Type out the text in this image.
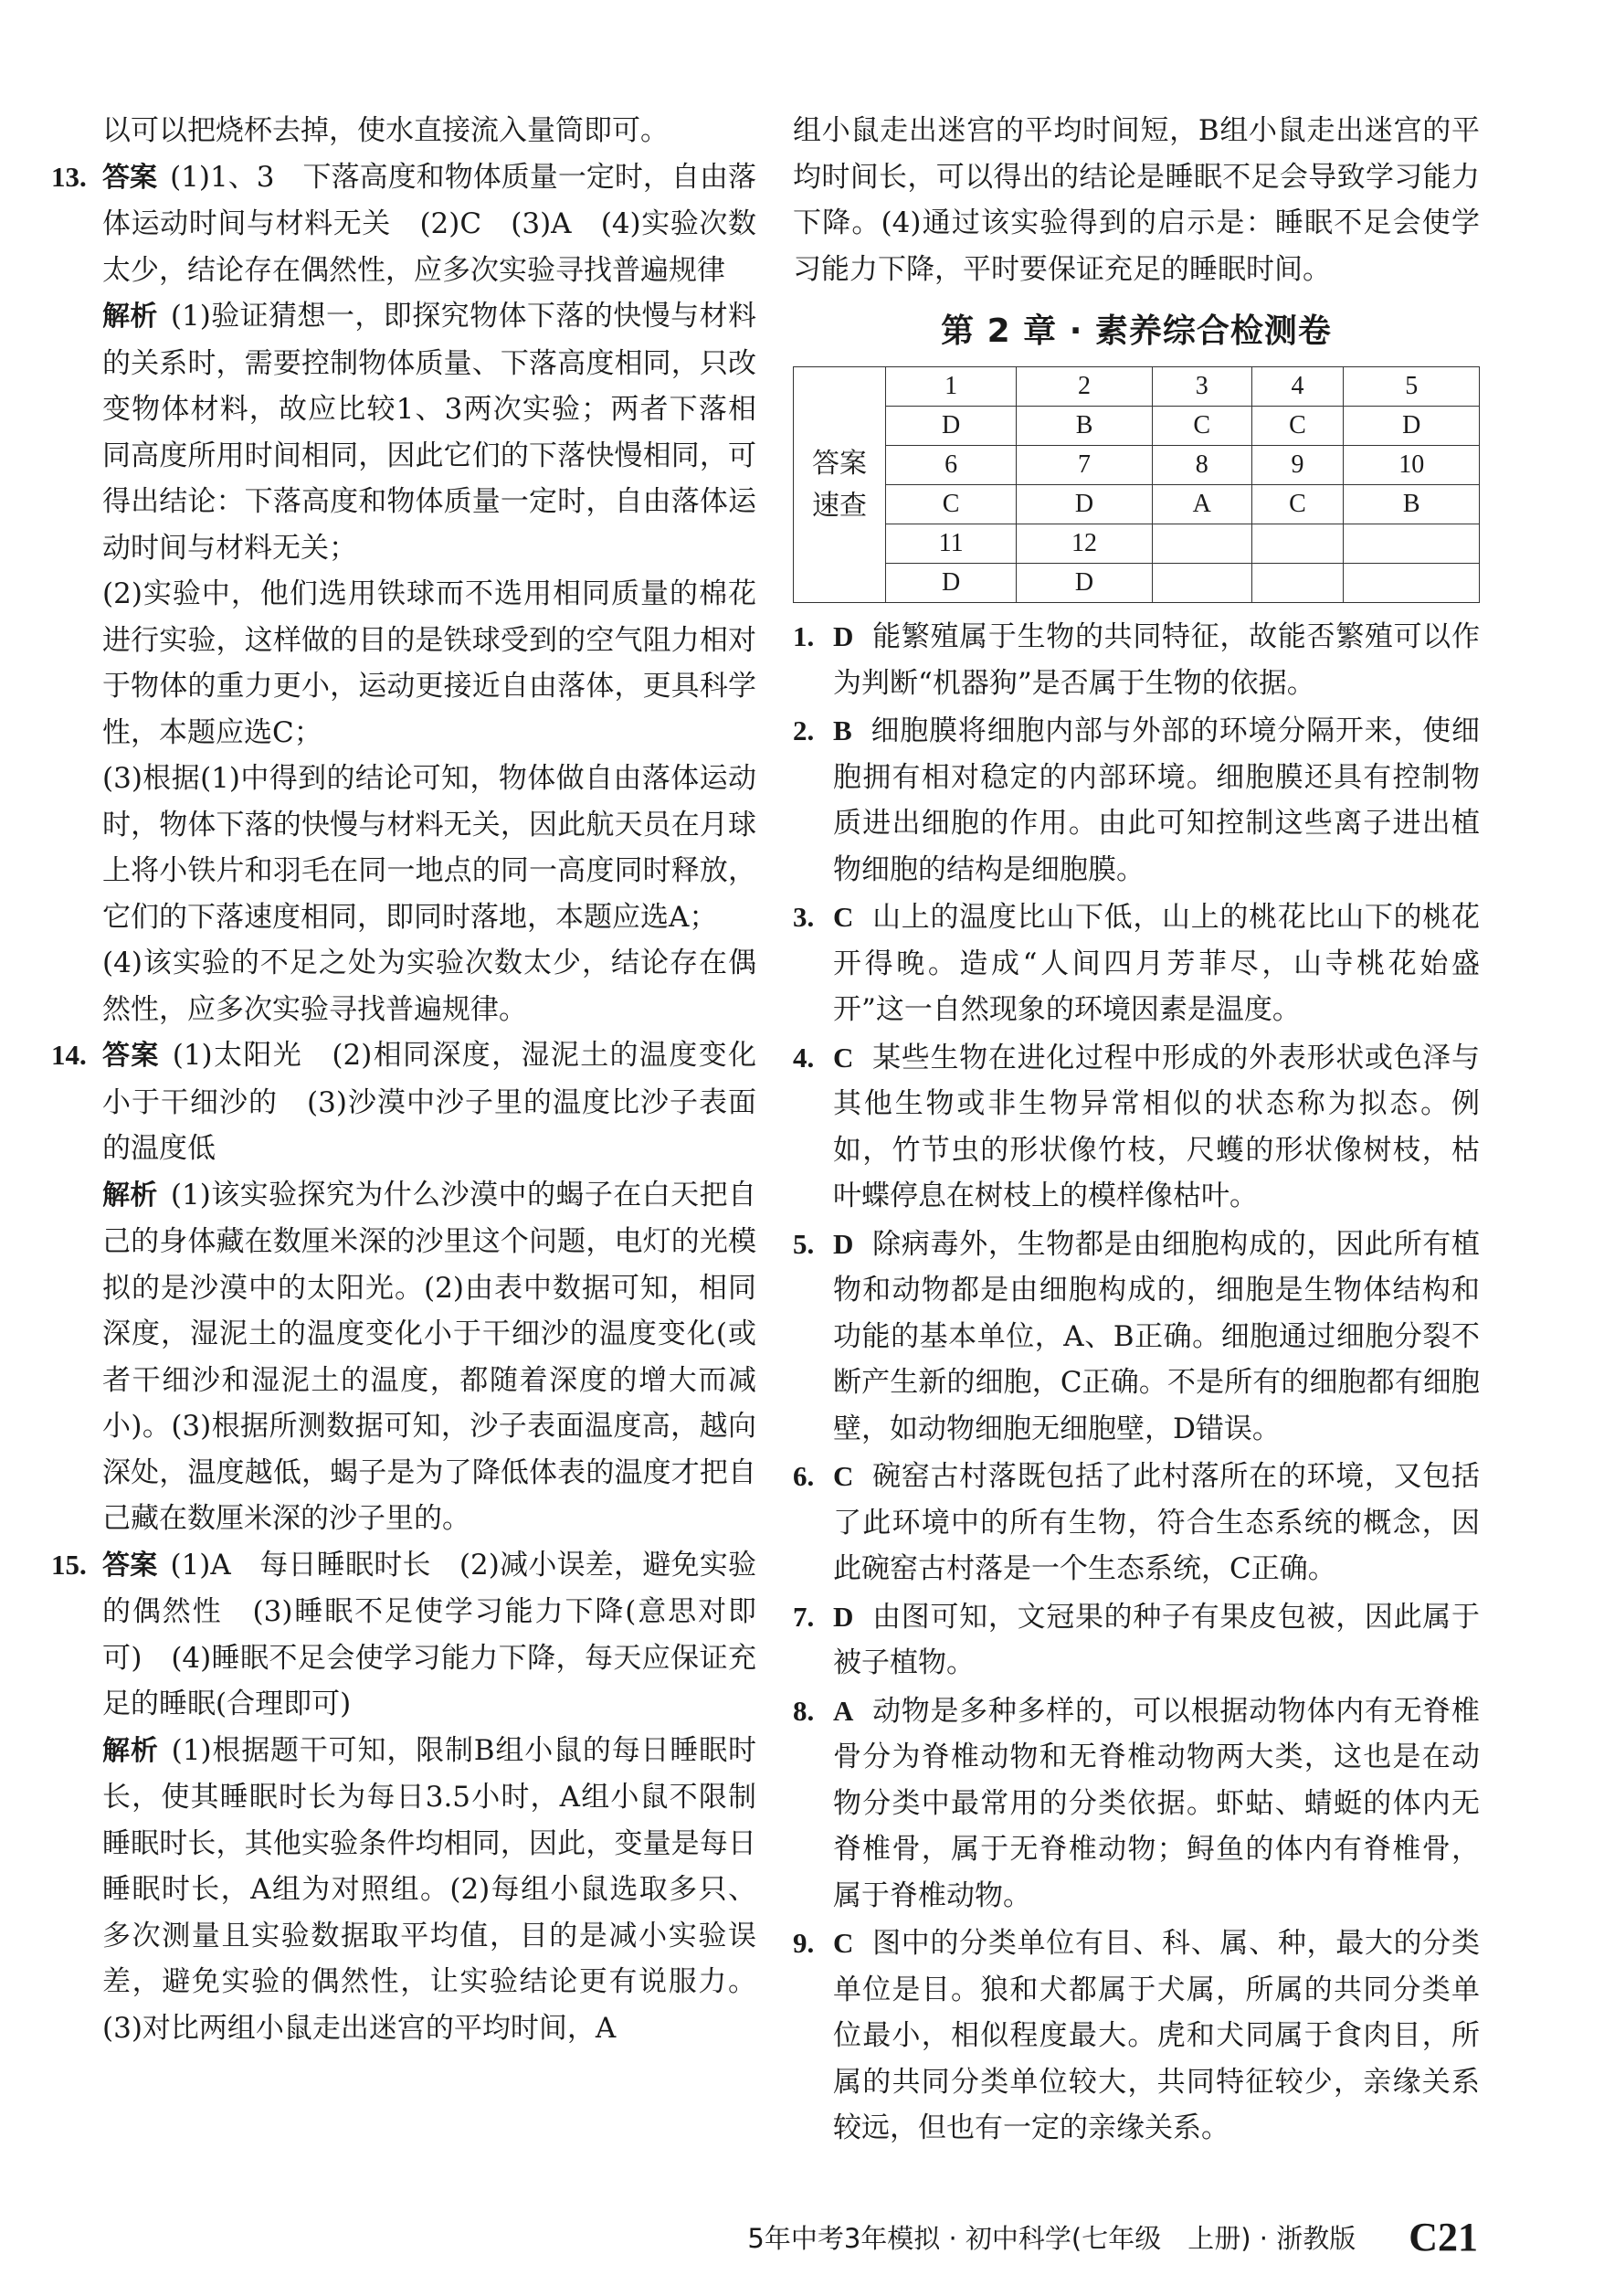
以可以把烧杯去掉，使水直接流入量筒即可。

13. 答案 (1)1、3　下落高度和物体质量一定时，自由落体运动时间与材料无关　(2)C　(3)A　(4)实验次数太少，结论存在偶然性，应多次实验寻找普遍规律

解析 (1)验证猜想一，即探究物体下落的快慢与材料的关系时，需要控制物体质量、下落高度相同，只改变物体材料，故应比较1、3两次实验；两者下落相同高度所用时间相同，因此它们的下落快慢相同，可得出结论：下落高度和物体质量一定时，自由落体运动时间与材料无关；

(2)实验中，他们选用铁球而不选用相同质量的棉花进行实验，这样做的目的是铁球受到的空气阻力相对于物体的重力更小，运动更接近自由落体，更具科学性，本题应选C；

(3)根据(1)中得到的结论可知，物体做自由落体运动时，物体下落的快慢与材料无关，因此航天员在月球上将小铁片和羽毛在同一地点的同一高度同时释放，它们的下落速度相同，即同时落地，本题应选A；

(4)该实验的不足之处为实验次数太少，结论存在偶然性，应多次实验寻找普遍规律。

14. 答案 (1)太阳光　(2)相同深度，湿泥土的温度变化小于干细沙的　(3)沙漠中沙子里的温度比沙子表面的温度低

解析 (1)该实验探究为什么沙漠中的蝎子在白天把自己的身体藏在数厘米深的沙里这个问题，电灯的光模拟的是沙漠中的太阳光。(2)由表中数据可知，相同深度，湿泥土的温度变化小于干细沙的温度变化(或者干细沙和湿泥土的温度，都随着深度的增大而减小)。(3)根据所测数据可知，沙子表面温度高，越向深处，温度越低，蝎子是为了降低体表的温度才把自己藏在数厘米深的沙子里的。

15. 答案 (1)A　每日睡眠时长　(2)减小误差，避免实验的偶然性　(3)睡眠不足使学习能力下降(意思对即可)　(4)睡眠不足会使学习能力下降，每天应保证充足的睡眠(合理即可)

解析 (1)根据题干可知，限制B组小鼠的每日睡眠时长，使其睡眠时长为每日3.5小时，A组小鼠不限制睡眠时长，其他实验条件均相同，因此，变量是每日睡眠时长，A组为对照组。(2)每组小鼠选取多只、多次测量且实验数据取平均值，目的是减小实验误差，避免实验的偶然性，让实验结论更有说服力。(3)对比两组小鼠走出迷宫的平均时间，A

组小鼠走出迷宫的平均时间短，B组小鼠走出迷宫的平均时间长，可以得出的结论是睡眠不足会导致学习能力下降。(4)通过该实验得到的启示是：睡眠不足会使学习能力下降，平时要保证充足的睡眠时间。

第 2 章 · 素养综合检测卷
答案
速查	1	2	3	4	5
	D	B	C	C	D
	6	7	8	9	10
	C	D	A	C	B
	11	12			
	D	D			
1. D 能繁殖属于生物的共同特征，故能否繁殖可以作为判断“机器狗”是否属于生物的依据。
2. B 细胞膜将细胞内部与外部的环境分隔开来，使细胞拥有相对稳定的内部环境。细胞膜还具有控制物质进出细胞的作用。由此可知控制这些离子进出植物细胞的结构是细胞膜。
3. C 山上的温度比山下低，山上的桃花比山下的桃花开得晚。造成“人间四月芳菲尽，山寺桃花始盛开”这一自然现象的环境因素是温度。
4. C 某些生物在进化过程中形成的外表形状或色泽与其他生物或非生物异常相似的状态称为拟态。例如，竹节虫的形状像竹枝，尺蠖的形状像树枝，枯叶蝶停息在树枝上的模样像枯叶。
5. D 除病毒外，生物都是由细胞构成的，因此所有植物和动物都是由细胞构成的，细胞是生物体结构和功能的基本单位，A、B正确。细胞通过细胞分裂不断产生新的细胞，C正确。不是所有的细胞都有细胞壁，如动物细胞无细胞壁，D错误。
6. C 碗窑古村落既包括了此村落所在的环境，又包括了此环境中的所有生物，符合生态系统的概念，因此碗窑古村落是一个生态系统，C正确。
7. D 由图可知，文冠果的种子有果皮包被，因此属于被子植物。
8. A 动物是多种多样的，可以根据动物体内有无脊椎骨分为脊椎动物和无脊椎动物两大类，这也是在动物分类中最常用的分类依据。虾蛄、蜻蜓的体内无脊椎骨，属于无脊椎动物；鲟鱼的体内有脊椎骨，属于脊椎动物。
9. C 图中的分类单位有目、科、属、种，最大的分类单位是目。狼和犬都属于犬属，所属的共同分类单位最小，相似程度最大。虎和犬同属于食肉目，所属的共同分类单位较大，共同特征较少，亲缘关系较远，但也有一定的亲缘关系。
5年中考3年模拟 · 初中科学(七年级　上册) · 浙教版 C21
